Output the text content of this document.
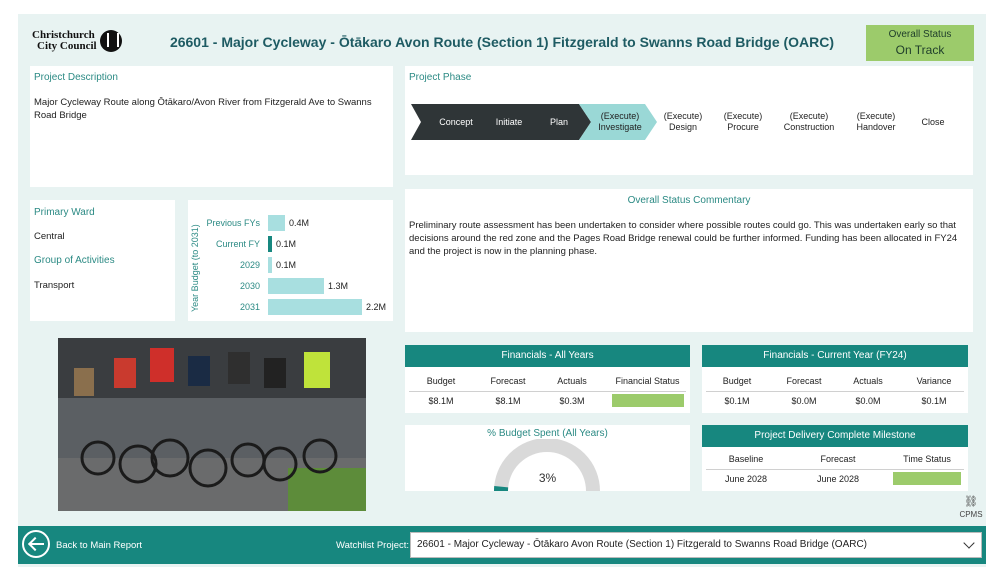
Christchurch
City Council	26601 - Major Cycleway - Ōtākaro Avon Route (Section 1) Fitzgerald to Swanns Road Bridge (OARC)	Overall Status
On Track
Project Description
Major Cycleway Route along Ōtākaro/Avon River from Fitzgerald Ave to Swanns Road Bridge
Project Phase
Concept	Initiate	Plan
(Execute)
Investigate
(Execute)
Design
(Execute)
Procure
(Execute)
Construction
(Execute)
Handover
Close
Primary Ward
Central
Group of Activities
Transport	Year Budget (to 2031)
Previous FYs	0.4M
Current FY 0.1M
2029 0.1M
2030	1.3M
2031	2.2M
Overall Status Commentary
Preliminary route assessment has been undertaken to consider where possible routes could go. This was undertaken early so that decisions around the red zone and the Pages Road Bridge renewal could be further informed. Funding has been allocated in FY24 and the project is now in the planning phase.
Financials - All Years
Budget	Forecast	Actuals	Financial Status
$8.1M	$8.1M	$0.3M
Financials - Current Year (FY24)
Budget	Forecast	Actuals	Variance
$0.1M	$0.0M	$0.0M	$0.1M
% Budget Spent (All Years)
3%
Project Delivery Complete Milestone
Baseline	Forecast	Time Status
June 2028	June 2028
⛓
CPMS
Back to Main Report	Watchlist Project: 26601 - Major Cycleway - Ōtākaro Avon Route (Section 1) Fitzgerald to Swanns Road Bridge (OARC)
